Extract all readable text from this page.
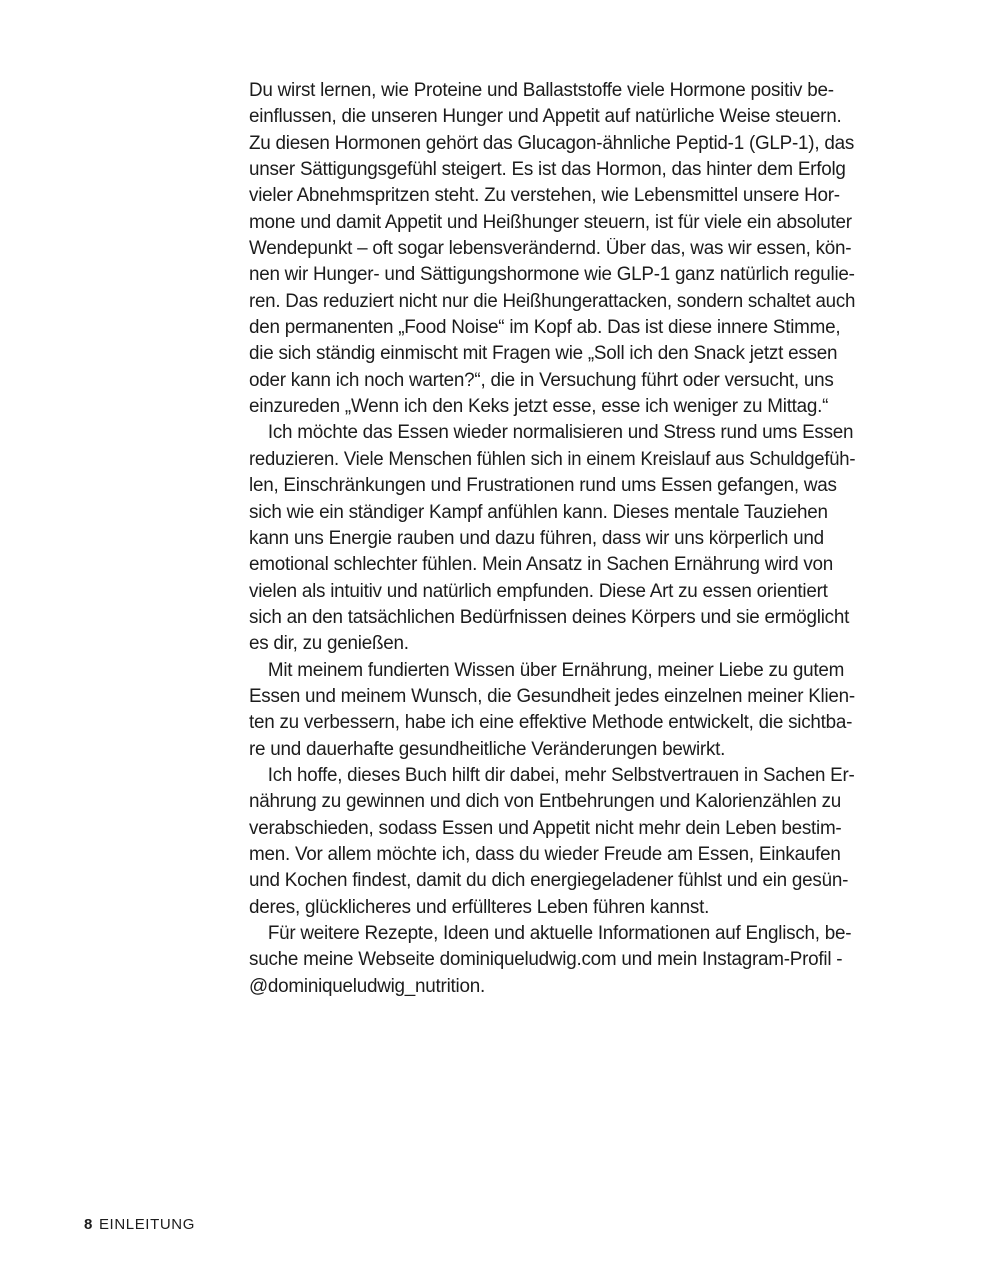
Du wirst lernen, wie Proteine und Ballaststoffe viele Hormone positiv be-
einflussen, die unseren Hunger und Appetit auf natürliche Weise steuern.
Zu diesen Hormonen gehört das Glucagon-ähnliche Peptid-1 (GLP-1), das
unser Sättigungsgefühl steigert. Es ist das Hormon, das hinter dem Erfolg
vieler Abnehmspritzen steht. Zu verstehen, wie Lebensmittel unsere Hor-
mone und damit Appetit und Heißhunger steuern, ist für viele ein absoluter
Wendepunkt – oft sogar lebensverändernd. Über das, was wir essen, kön-
nen wir Hunger- und Sättigungshormone wie GLP-1 ganz natürlich regulie-
ren. Das reduziert nicht nur die Heißhungerattacken, sondern schaltet auch
den permanenten „Food Noise“ im Kopf ab. Das ist diese innere Stimme,
die sich ständig einmischt mit Fragen wie „Soll ich den Snack jetzt essen
oder kann ich noch warten?“, die in Versuchung führt oder versucht, uns
einzureden „Wenn ich den Keks jetzt esse, esse ich weniger zu Mittag.“
Ich möchte das Essen wieder normalisieren und Stress rund ums Essen
reduzieren. Viele Menschen fühlen sich in einem Kreislauf aus Schuldgefüh-
len, Einschränkungen und Frustrationen rund ums Essen gefangen, was
sich wie ein ständiger Kampf anfühlen kann. Dieses mentale Tauziehen
kann uns Energie rauben und dazu führen, dass wir uns körperlich und
emotional schlechter fühlen. Mein Ansatz in Sachen Ernährung wird von
vielen als intuitiv und natürlich empfunden. Diese Art zu essen orientiert
sich an den tatsächlichen Bedürfnissen deines Körpers und sie ermöglicht
es dir, zu genießen.
Mit meinem fundierten Wissen über Ernährung, meiner Liebe zu gutem
Essen und meinem Wunsch, die Gesundheit jedes einzelnen meiner Klien-
ten zu verbessern, habe ich eine effektive Methode entwickelt, die sichtba-
re und dauerhafte gesundheitliche Veränderungen bewirkt.
Ich hoffe, dieses Buch hilft dir dabei, mehr Selbstvertrauen in Sachen Er-
nährung zu gewinnen und dich von Entbehrungen und Kalorienzählen zu
verabschieden, sodass Essen und Appetit nicht mehr dein Leben bestim-
men. Vor allem möchte ich, dass du wieder Freude am Essen, Einkaufen
und Kochen findest, damit du dich energiegeladener fühlst und ein gesün-
deres, glücklicheres und erfüllteres Leben führen kannst.
Für weitere Rezepte, Ideen und aktuelle Informationen auf Englisch, be-
suche meine Webseite dominiqueludwig.com und mein Instagram-Profil -
@dominiqueludwig_nutrition.
8 EINLEITUNG
